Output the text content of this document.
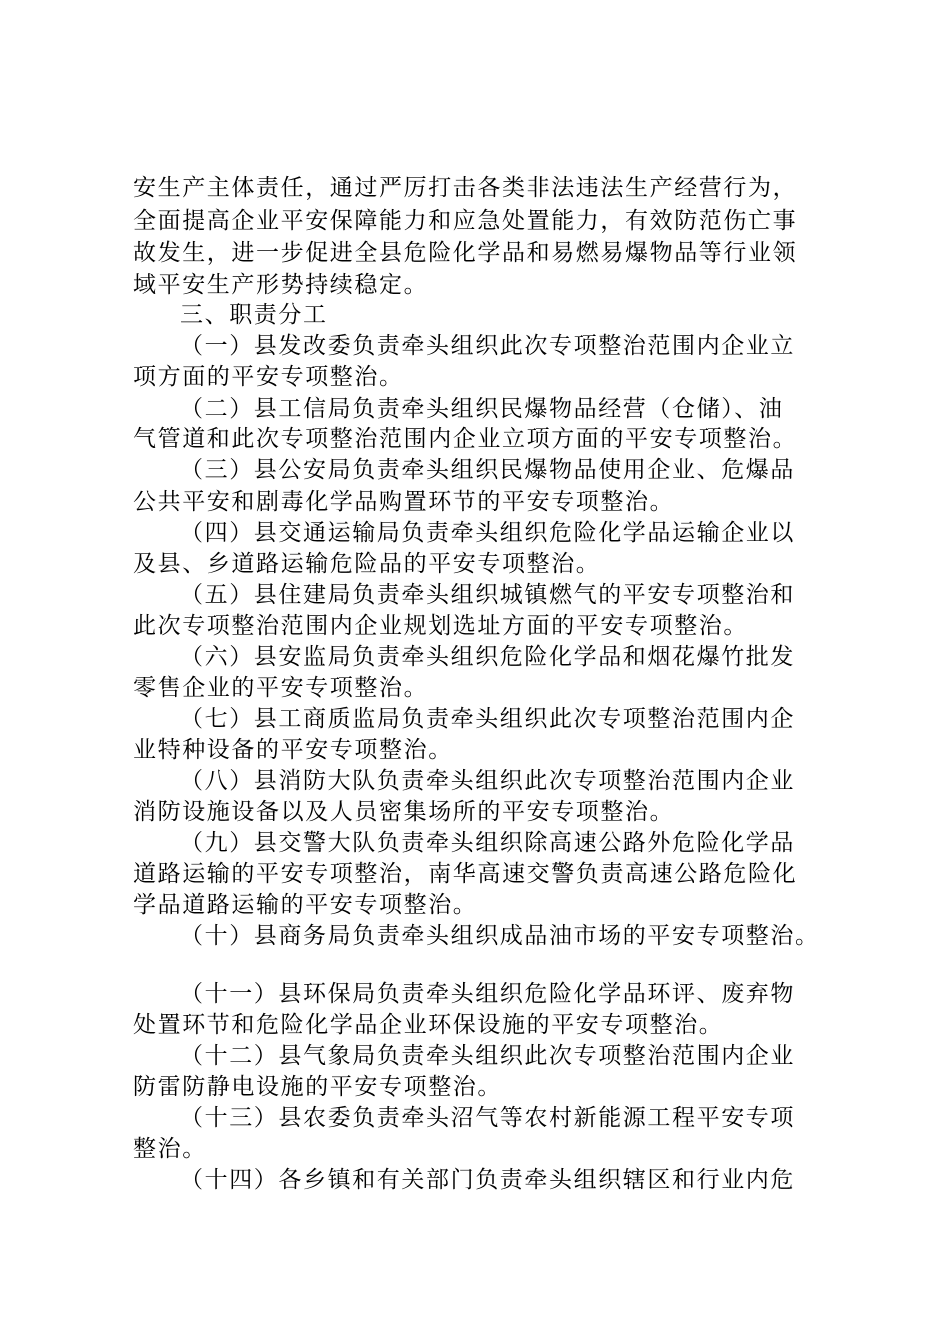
安生产主体责任，通过严厉打击各类非法违法生产经营行为，
全面提高企业平安保障能力和应急处置能力，有效防范伤亡事
故发生，进一步促进全县危险化学品和易燃易爆物品等行业领
域平安生产形势持续稳定。
三、职责分工
（一）县发改委负责牵头组织此次专项整治范围内企业立
项方面的平安专项整治。
（二）县工信局负责牵头组织民爆物品经营（仓储）、油
气管道和此次专项整治范围内企业立项方面的平安专项整治。
（三）县公安局负责牵头组织民爆物品使用企业、危爆品
公共平安和剧毒化学品购置环节的平安专项整治。
（四）县交通运输局负责牵头组织危险化学品运输企业以
及县、乡道路运输危险品的平安专项整治。
（五）县住建局负责牵头组织城镇燃气的平安专项整治和
此次专项整治范围内企业规划选址方面的平安专项整治。
（六）县安监局负责牵头组织危险化学品和烟花爆竹批发
零售企业的平安专项整治。
（七）县工商质监局负责牵头组织此次专项整治范围内企
业特种设备的平安专项整治。
（八）县消防大队负责牵头组织此次专项整治范围内企业
消防设施设备以及人员密集场所的平安专项整治。
（九）县交警大队负责牵头组织除高速公路外危险化学品
道路运输的平安专项整治，南华高速交警负责高速公路危险化
学品道路运输的平安专项整治。
（十）县商务局负责牵头组织成品油市场的平安专项整治。
（十一）县环保局负责牵头组织危险化学品环评、废弃物
处置环节和危险化学品企业环保设施的平安专项整治。
（十二）县气象局负责牵头组织此次专项整治范围内企业
防雷防静电设施的平安专项整治。
（十三）县农委负责牵头沼气等农村新能源工程平安专项
整治。
（十四）各乡镇和有关部门负责牵头组织辖区和行业内危
